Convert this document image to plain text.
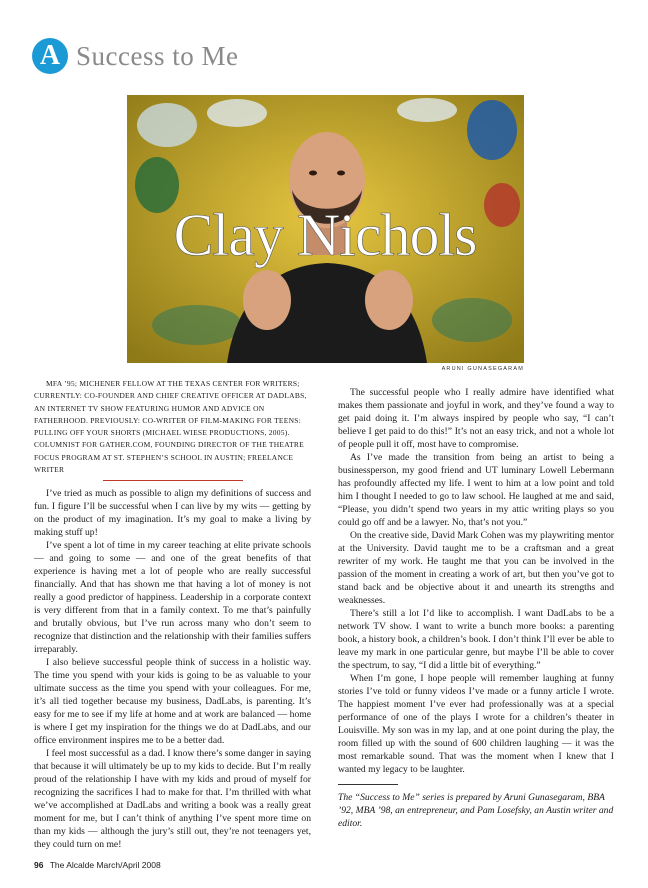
A Success to Me
Clay Nichols
ARUNI GUNASEGARAM

MFA ’95; MICHENER FELLOW AT THE TEXAS CENTER FOR WRITERS; CURRENTLY: CO-FOUNDER AND CHIEF CREATIVE OFFICER AT DADLABS, AN INTERNET TV SHOW FEATURING HUMOR AND ADVICE ON FATHERHOOD. PREVIOUSLY: CO-WRITER OF FILM-MAKING FOR TEENS: PULLING OFF YOUR SHORTS (MICHAEL WIESE PRODUCTIONS, 2005). COLUMNIST FOR GATHER.COM, FOUNDING DIRECTOR OF THE THEATRE FOCUS PROGRAM AT ST. STEPHEN’S SCHOOL IN AUSTIN; FREELANCE WRITER

I’ve tried as much as possible to align my definitions of success and fun. I figure I’ll be successful when I can live by my wits — getting by on the product of my imagination. It’s my goal to make a living by making stuff up!

I’ve spent a lot of time in my career teaching at elite private schools — and going to some — and one of the great benefits of that experience is having met a lot of people who are really successful financially. And that has shown me that having a lot of money is not really a good predictor of happiness. Leadership in a corporate context is very different from that in a family context. To me that’s painfully and brutally obvious, but I’ve run across many who don’t seem to recognize that distinction and the relationship with their families suffers irreparably.

I also believe successful people think of success in a holistic way. The time you spend with your kids is going to be as valuable to your ultimate success as the time you spend with your colleagues. For me, it’s all tied together because my business, DadLabs, is parenting. It’s easy for me to see if my life at home and at work are balanced — home is where I get my inspiration for the things we do at DadLabs, and our office environment inspires me to be a better dad.

I feel most successful as a dad. I know there’s some danger in saying that because it will ultimately be up to my kids to decide. But I’m really proud of the relationship I have with my kids and proud of myself for recognizing the sacrifices I had to make for that. I’m thrilled with what we’ve accomplished at DadLabs and writing a book was a really great moment for me, but I can’t think of anything I’ve spent more time on than my kids — although the jury’s still out, they’re not teenagers yet, they could turn on me!

The successful people who I really admire have identified what makes them passionate and joyful in work, and they’ve found a way to get paid doing it. I’m always inspired by people who say, “I can’t believe I get paid to do this!” It’s not an easy trick, and not a whole lot of people pull it off, most have to compromise.

As I’ve made the transition from being an artist to being a businessperson, my good friend and UT luminary Lowell Lebermann has profoundly affected my life. I went to him at a low point and told him I thought I needed to go to law school. He laughed at me and said, “Please, you didn’t spend two years in my attic writing plays so you could go off and be a lawyer. No, that’s not you.”

On the creative side, David Mark Cohen was my playwriting mentor at the University. David taught me to be a craftsman and a great rewriter of my work. He taught me that you can be involved in the passion of the moment in creating a work of art, but then you’ve got to stand back and be objective about it and unearth its strengths and weaknesses.

There’s still a lot I’d like to accomplish. I want DadLabs to be a network TV show. I want to write a bunch more books: a parenting book, a history book, a children’s book. I don’t think I’ll ever be able to leave my mark in one particular genre, but maybe I’ll be able to cover the spectrum, to say, “I did a little bit of everything.”

When I’m gone, I hope people will remember laughing at funny stories I’ve told or funny videos I’ve made or a funny article I wrote. The happiest moment I’ve ever had professionally was at a special performance of one of the plays I wrote for a children’s theater in Louisville. My son was in my lap, and at one point during the play, the room filled up with the sound of 600 children laughing — it was the most remarkable sound. That was the moment when I knew that I wanted my legacy to be laughter.

The “Success to Me” series is prepared by Aruni Gunasegaram, BBA ’92, MBA ’98, an entrepreneur, and Pam Losefsky, an Austin writer and editor.

96 The Alcalde March/April 2008
